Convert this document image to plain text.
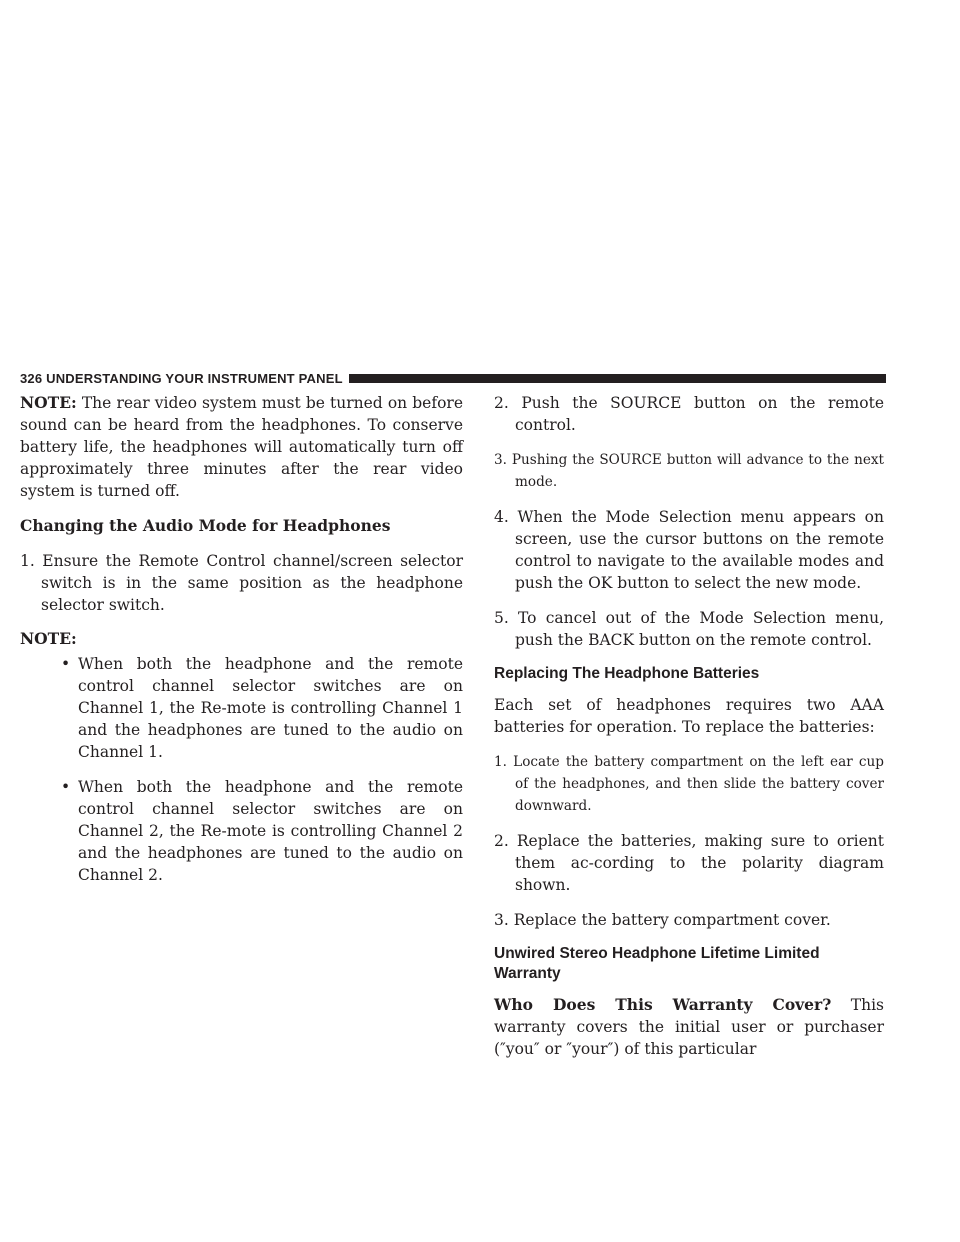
326
UNDERSTANDING YOUR INSTRUMENT PANEL

NOTE: The rear video system must be turned on before sound can be heard from the headphones. To conserve battery life, the headphones will automatically turn off approximately three minutes after the rear video system is turned off.

Changing the Audio Mode for Headphones

1. Ensure the Remote Control channel/screen selector switch is in the same position as the headphone selector switch.

NOTE:

• When both the headphone and the remote control channel selector switches are on Channel 1, the Re-mote is controlling Channel 1 and the headphones are tuned to the audio on Channel 1.
• When both the headphone and the remote control channel selector switches are on Channel 2, the Re-mote is controlling Channel 2 and the headphones are tuned to the audio on Channel 2.

2. Push the SOURCE button on the remote control.

3. Pushing the SOURCE button will advance to the next mode.

4. When the Mode Selection menu appears on screen, use the cursor buttons on the remote control to navigate to the available modes and push the OK button to select the new mode.

5. To cancel out of the Mode Selection menu, push the BACK button on the remote control.

Replacing The Headphone Batteries

Each set of headphones requires two AAA batteries for operation. To replace the batteries:

1. Locate the battery compartment on the left ear cup of the headphones, and then slide the battery cover downward.

2. Replace the batteries, making sure to orient them ac-cording to the polarity diagram shown.

3. Replace the battery compartment cover.

Unwired Stereo Headphone Lifetime Limited Warranty

Who Does This Warranty Cover? This warranty covers the initial user or purchaser (″you″ or ″your″) of this particular
